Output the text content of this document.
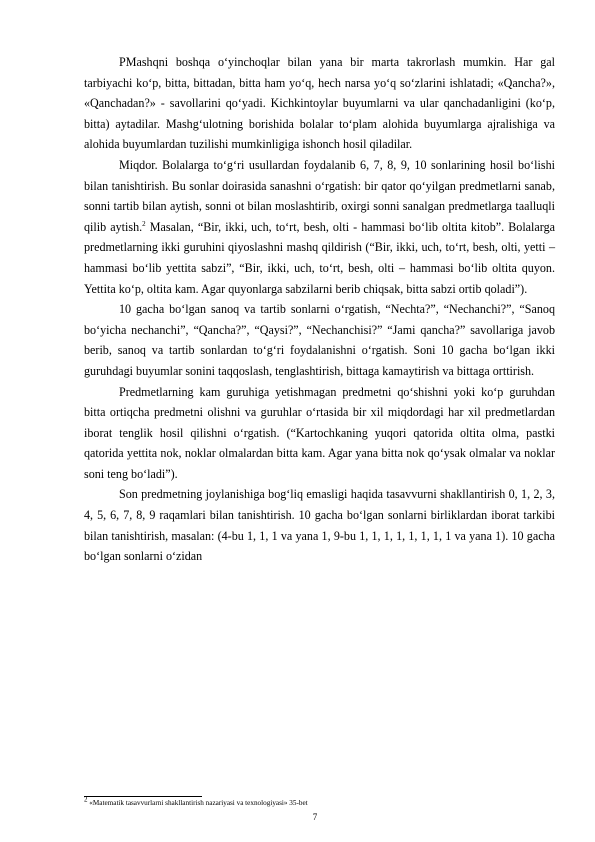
PMashqni boshqa o‘yinchoqlar bilan yana bir marta takrorlash mumkin. Har gal tarbiyachi ko‘p, bitta, bittadan, bitta ham yo‘q, hech narsa yo‘q so‘zlarini ishlatadi; «Qancha?», «Qanchadan?» - savollarini qo‘yadi. Kichkintoylar buyumlarni va ular qanchadanligini (ko‘p, bitta) aytadilar. Mashg‘ulotning borishida bolalar to‘plam alohida buyumlarga ajralishiga va alohida buyumlardan tuzilishi mumkinligiga ishonch hosil qiladilar.

Miqdor. Bolalarga to‘g‘ri usullardan foydalanib 6, 7, 8, 9, 10 sonlarining hosil bo‘lishi bilan tanishtirish. Bu sonlar doirasida sanashni o‘rgatish: bir qator qo‘yilgan predmetlarni sanab, sonni tartib bilan aytish, sonni ot bilan moslashtirib, oxirgi sonni sanalgan predmetlarga taalluqli qilib aytish.$^2$ Masalan, “Bir, ikki, uch, to‘rt, besh, olti - hammasi bo‘lib oltita kitob”. Bolalarga predmetlarning ikki guruhini qiyoslashni mashq qildirish (“Bir, ikki, uch, to‘rt, besh, olti, yetti – hammasi bo‘lib yettita sabzi”, “Bir, ikki, uch, to‘rt, besh, olti – hammasi bo‘lib oltita quyon. Yettita ko‘p, oltita kam. Agar quyonlarga sabzilarni berib chiqsak, bitta sabzi ortib qoladi”).

10 gacha bo‘lgan sanoq va tartib sonlarni o‘rgatish, “Nechta?”, “Nechanchi?”, “Sanoq bo‘yicha nechanchi”, “Qancha?”, “Qaysi?”, “Nechanchisi?” “Jami qancha?” savollariga javob berib, sanoq va tartib sonlardan to‘g‘ri foydalanishni o‘rgatish. Soni 10 gacha bo‘lgan ikki guruhdagi buyumlar sonini taqqoslash, tenglashtirish, bittaga kamaytirish va bittaga orttirish.

Predmetlarning kam guruhiga yetishmagan predmetni qo‘shishni yoki ko‘p guruhdan bitta ortiqcha predmetni olishni va guruhlar o‘rtasida bir xil miqdordagi har xil predmetlardan iborat tenglik hosil qilishni o‘rgatish. (“Kartochkaning yuqori qatorida oltita olma, pastki qatorida yettita nok, noklar olmalardan bitta kam. Agar yana bitta nok qo‘ysak olmalar va noklar soni teng bo‘ladi”).

Son predmetning joylanishiga bog‘liq emasligi haqida tasavvurni shakllantirish 0, 1, 2, 3, 4, 5, 6, 7, 8, 9 raqamlari bilan tanishtirish. 10 gacha bo‘lgan sonlarni birliklardan iborat tarkibi bilan tanishtirish, masalan: (4-bu 1, 1, 1 va yana 1, 9-bu 1, 1, 1, 1, 1, 1, 1, 1 va yana 1). 10 gacha bo‘lgan sonlarni o‘zidan

$^2$ «Matematik tasavvurlarni shakllantirish nazariyasi va texnologiyasi» 35-bet
7
